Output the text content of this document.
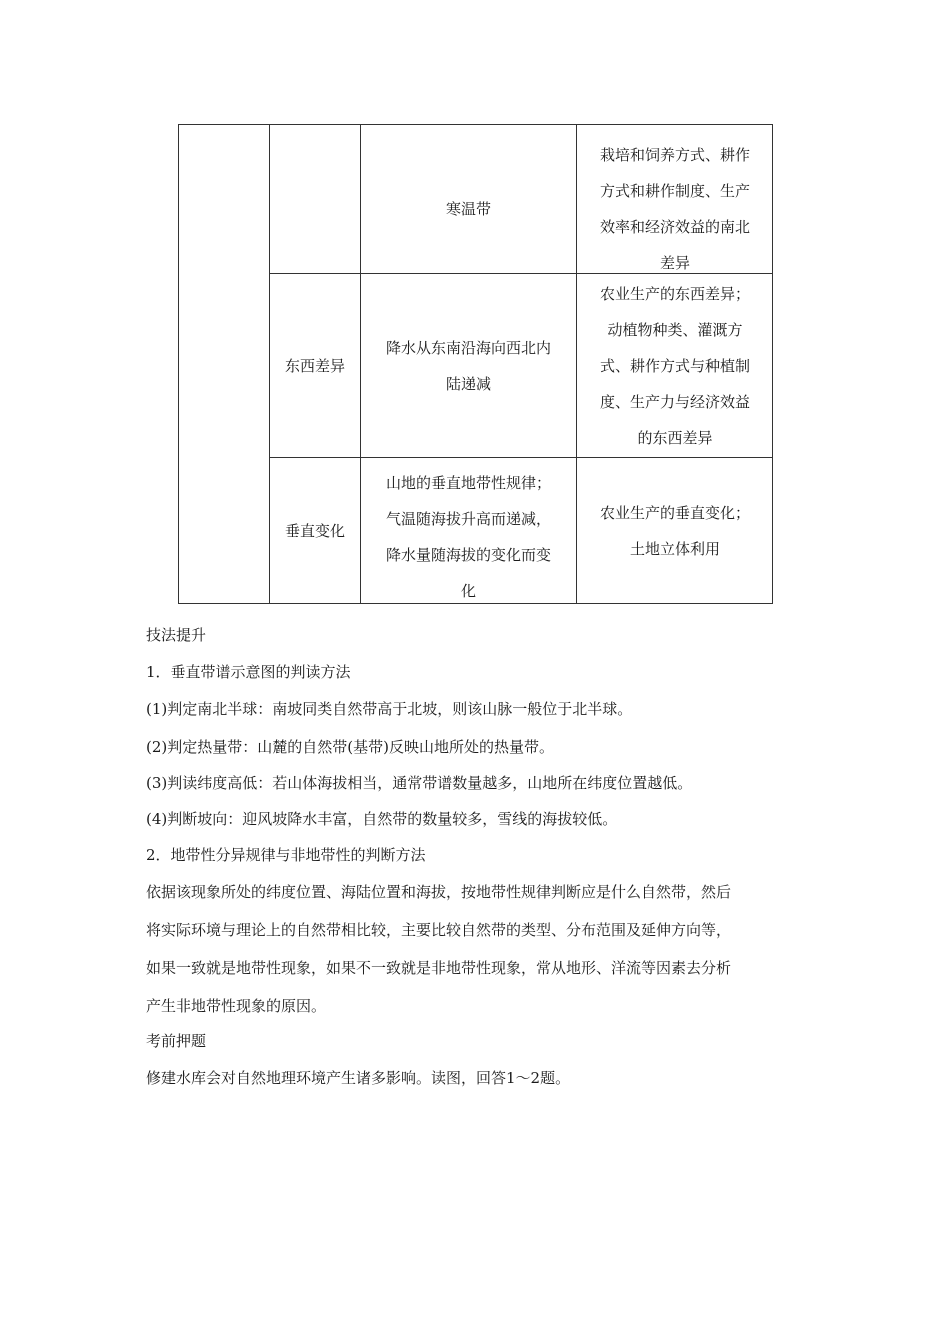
寒温带
栽培和饲养方式、耕作
方式和耕作制度、生产
效率和经济效益的南北
差异
东西差异
降水从东南沿海向西北内
陆递减
农业生产的东西差异；
动植物种类、灌溉方
式、耕作方式与种植制
度、生产力与经济效益
的东西差异
垂直变化
山地的垂直地带性规律；
气温随海拔升高而递减，
降水量随海拔的变化而变
化
农业生产的垂直变化；
土地立体利用
技法提升
1．垂直带谱示意图的判读方法
(1)判定南北半球：南坡同类自然带高于北坡，则该山脉一般位于北半球。
(2)判定热量带：山麓的自然带(基带)反映山地所处的热量带。
(3)判读纬度高低：若山体海拔相当，通常带谱数量越多，山地所在纬度位置越低。
(4)判断坡向：迎风坡降水丰富，自然带的数量较多，雪线的海拔较低。
2．地带性分异规律与非地带性的判断方法
依据该现象所处的纬度位置、海陆位置和海拔，按地带性规律判断应是什么自然带，然后
将实际环境与理论上的自然带相比较，主要比较自然带的类型、分布范围及延伸方向等，
如果一致就是地带性现象，如果不一致就是非地带性现象，常从地形、洋流等因素去分析
产生非地带性现象的原因。
考前押题
修建水库会对自然地理环境产生诸多影响。读图，回答1～2题。
